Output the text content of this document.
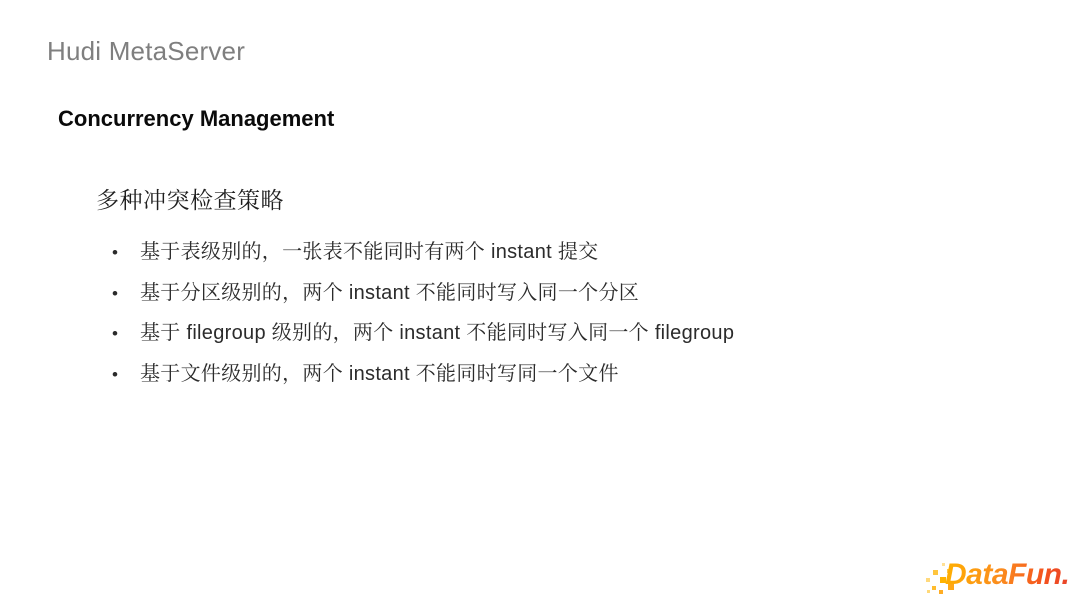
Hudi MetaServer
Concurrency Management
多种冲突检查策略
• 基于表级别的，一张表不能同时有两个 instant 提交
• 基于分区级别的，两个 instant 不能同时写入同一个分区
• 基于 filegroup 级别的，两个 instant 不能同时写入同一个 filegroup
• 基于文件级别的，两个 instant 不能同时写同一个文件
DataFun.
